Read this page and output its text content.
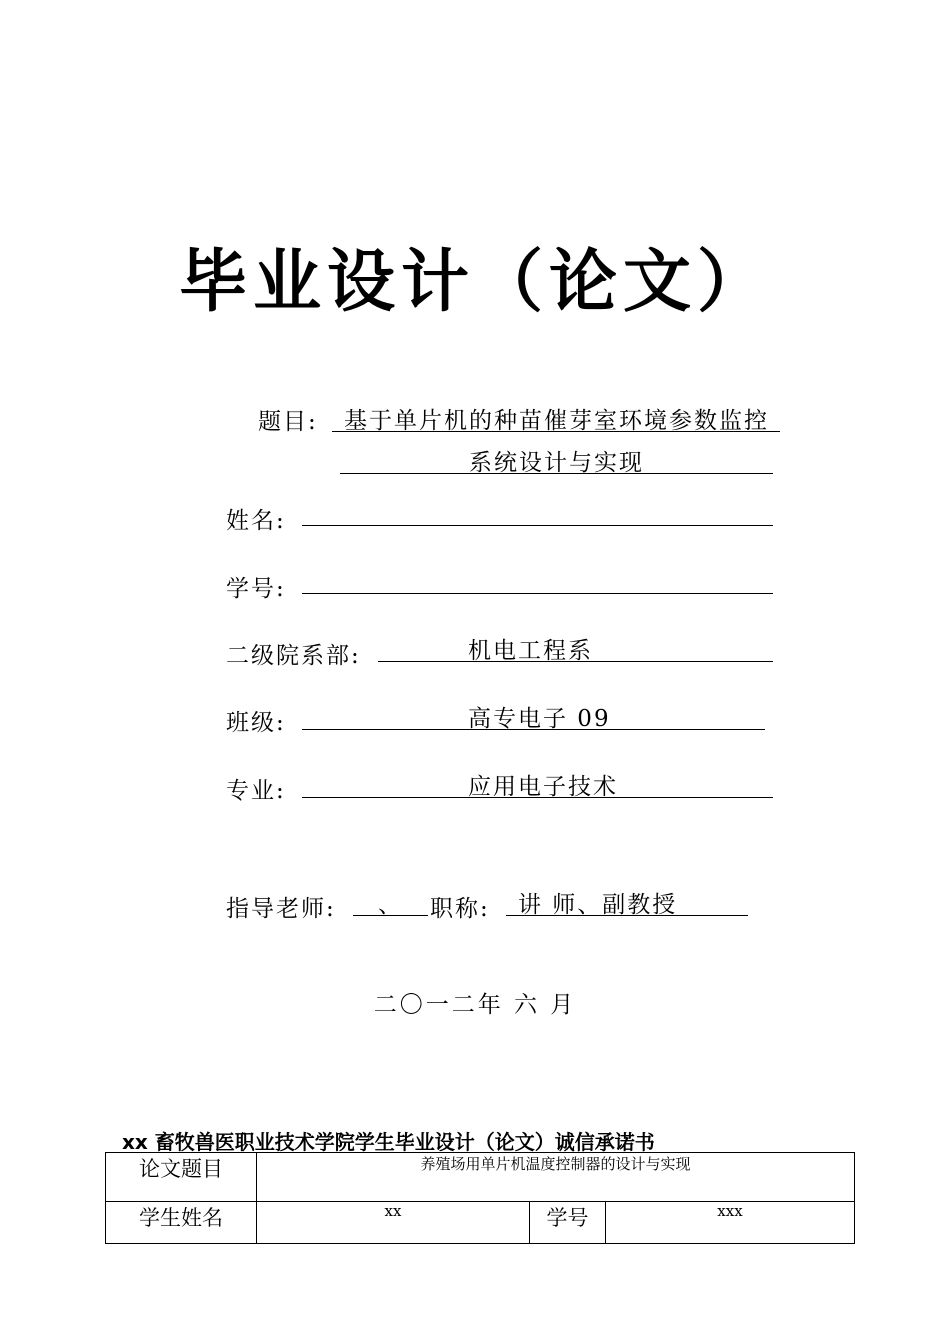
毕业设计（论文）
题目:	基于单片机的种苗催芽室环境参数监控
系统设计与实现
姓名:
学号:
二级院系部:	机电工程系
班级:	高专电子 09
专业:	应用电子技术
指导老师:	、	职称:	讲 师、副教授
二〇一二年 六 月
xx 畜牧兽医职业技术学院学生毕业设计（论文）诚信承诺书
论文题目	养殖场用单片机温度控制器的设计与实现		
学生姓名	xx	学号	xxx
